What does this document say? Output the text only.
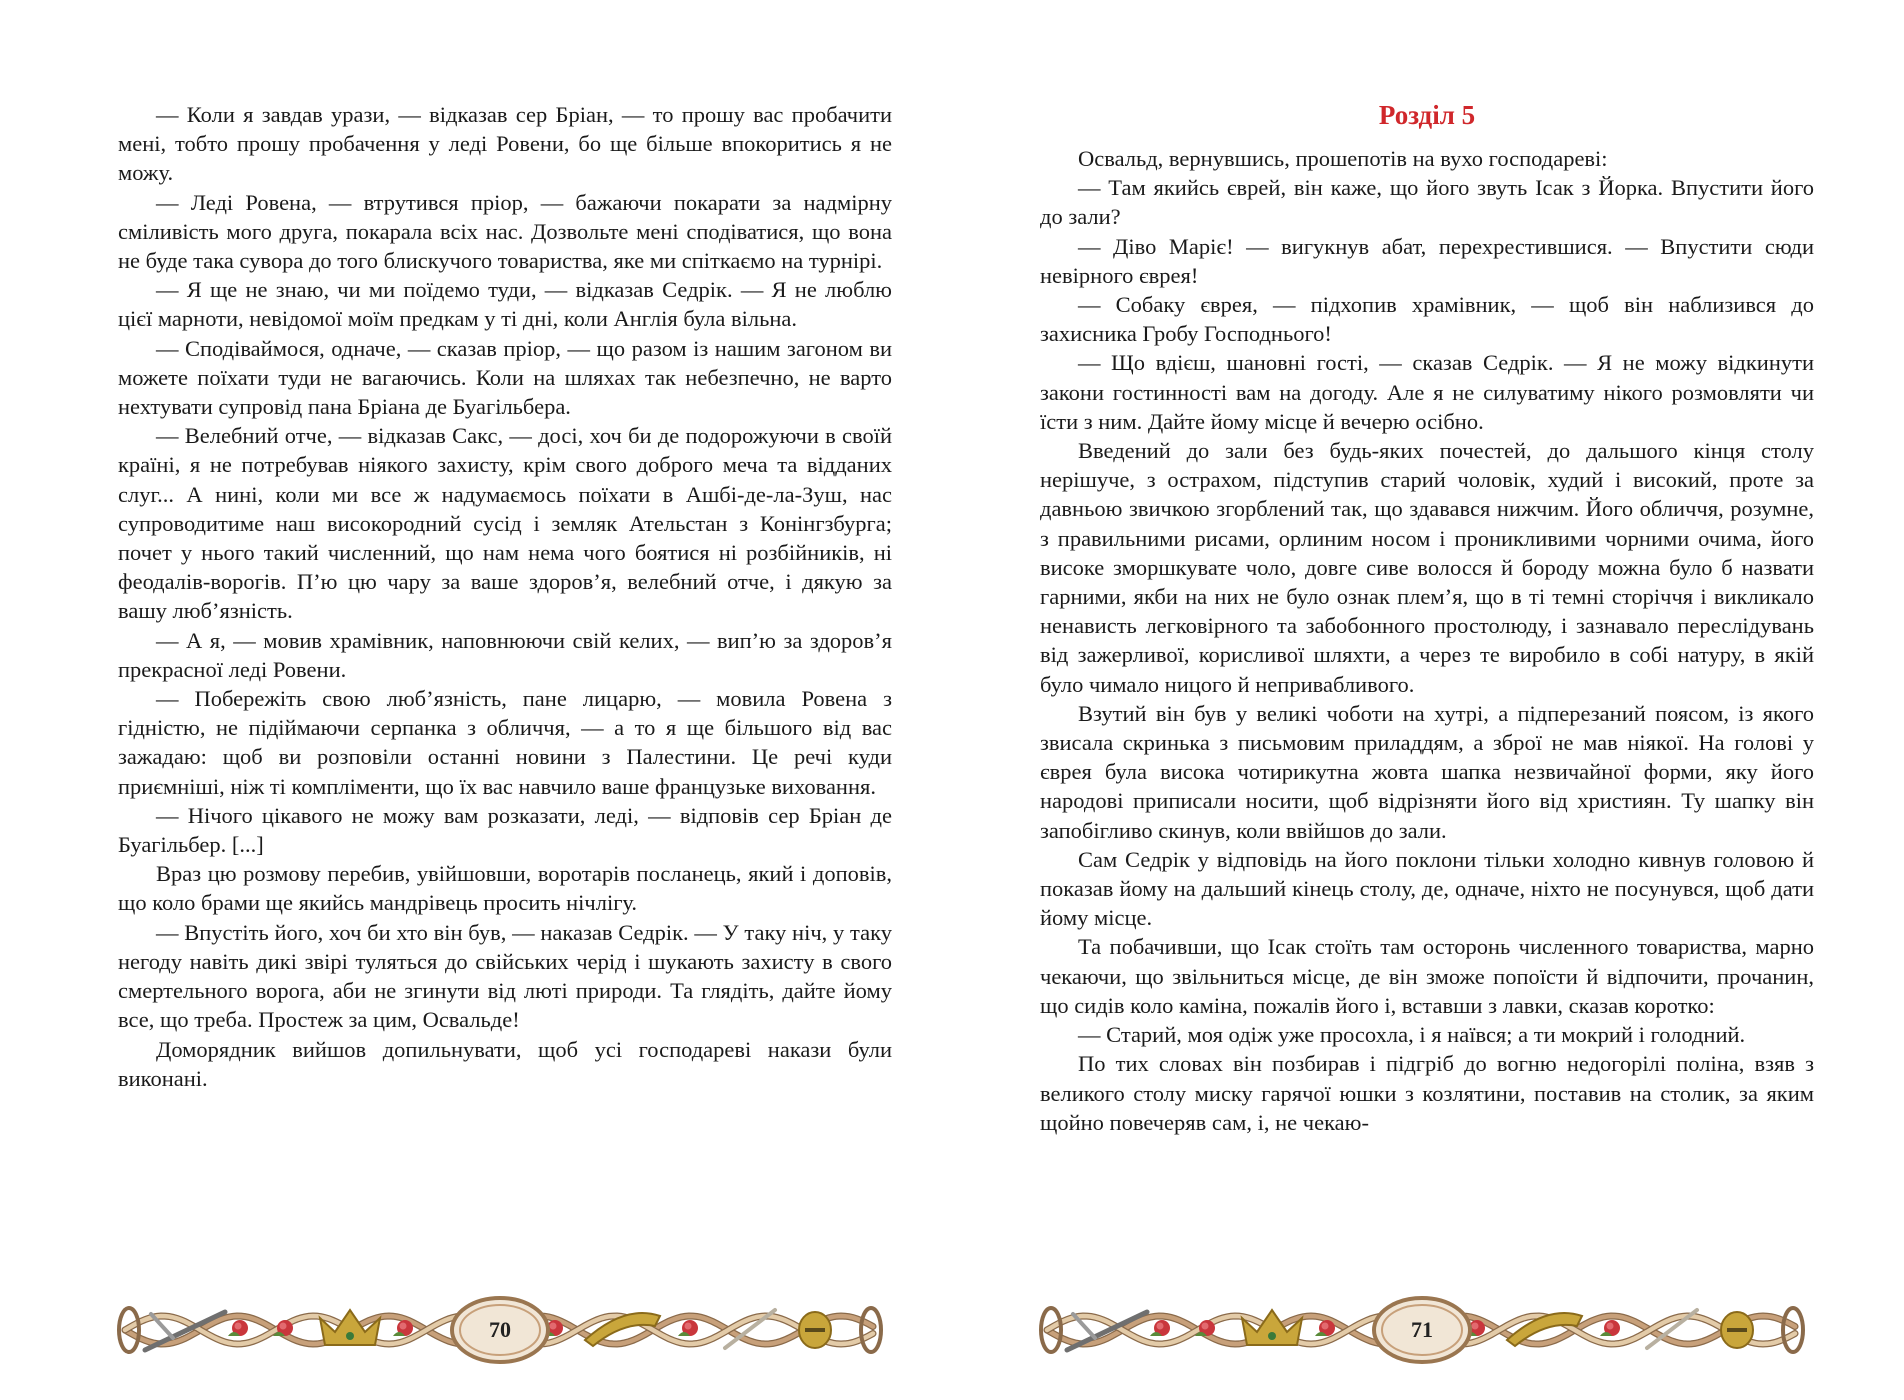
— Коли я завдав урази, — відказав сер Бріан, — то прошу вас пробачити мені, тобто прошу пробачення у леді Ровени, бо ще більше впокоритись я не можу.

— Леді Ровена, — втрутився пріор, — бажаючи покарати за надмірну сміливість мого друга, покарала всіх нас. Дозвольте мені сподіватися, що вона не буде така сувора до того блискучого товариства, яке ми спіткаємо на турнірі.

— Я ще не знаю, чи ми поїдемо туди, — відказав Седрік. — Я не люблю цієї марноти, невідомої моїм предкам у ті дні, коли Англія була вільна.

— Сподіваймося, одначе, — сказав пріор, — що разом із нашим загоном ви можете поїхати туди не вагаючись. Коли на шляхах так небезпечно, не варто нехтувати супровід пана Бріана де Буагільбера.

— Велебний отче, — відказав Сакс, — досі, хоч би де подорожуючи в своїй країні, я не потребував ніякого захисту, крім свого доброго меча та відданих слуг... А нині, коли ми все ж надумаємось поїхати в Ашбі-де-ла-Зуш, нас супроводитиме наш високородний сусід і земляк Ательстан з Конінгзбурга; почет у нього такий численний, що нам нема чого боятися ні розбійників, ні феодалів-ворогів. П’ю цю чару за ваше здоров’я, велебний отче, і дякую за вашу люб’язність.

— А я, — мовив храмівник, наповнюючи свій келих, — вип’ю за здоров’я прекрасної леді Ровени.

— Побережіть свою люб’язність, пане лицарю, — мовила Ровена з гідністю, не підіймаючи серпанка з обличчя, — а то я ще більшого від вас зажадаю: щоб ви розповіли останні новини з Палестини. Це речі куди приємніші, ніж ті компліменти, що їх вас навчило ваше французьке виховання.

— Нічого цікавого не можу вам розказати, леді, — відповів сер Бріан де Буагільбер. [...]

Враз цю розмову перебив, увійшовши, воротарів посланець, який і доповів, що коло брами ще якийсь мандрівець просить нічлігу.

— Впустіть його, хоч би хто він був, — наказав Седрік. — У таку ніч, у таку негоду навіть дикі звірі туляться до свійських черід і шукають захисту в свого смертельного ворога, аби не згинути від люті природи. Та глядіть, дайте йому все, що треба. Простеж за цим, Освальде!

Доморядник вийшов допильнувати, щоб усі господареві накази були виконані.

70
Розділ 5

Освальд, вернувшись, прошепотів на вухо господареві:

— Там якийсь єврей, він каже, що його звуть Ісак з Йорка. Впустити його до зали?

— Діво Маріє! — вигукнув абат, перехрестившися. — Впустити сюди невірного єврея!

— Собаку єврея, — підхопив храмівник, — щоб він наблизився до захисника Гробу Господнього!

— Що вдієш, шановні гості, — сказав Седрік. — Я не можу відкинути закони гостинності вам на догоду. Але я не силуватиму нікого розмовляти чи їсти з ним. Дайте йому місце й вечерю осібно.

Введений до зали без будь-яких почестей, до дальшого кінця столу нерішуче, з острахом, підступив старий чоловік, худий і високий, проте за давньою звичкою згорблений так, що здавався нижчим. Його обличчя, розумне, з правильними рисами, орлиним носом і проникливими чорними очима, його високе зморшкувате чоло, довге сиве волосся й бороду можна було б назвати гарними, якби на них не було ознак плем’я, що в ті темні сторіччя і викликало ненависть легковірного та забобонного простолюду, і зазнавало переслідувань від зажерливої, корисливої шляхти, а через те виробило в собі натуру, в якій було чимало ницого й непривабливого.

Взутий він був у великі чоботи на хутрі, а підперезаний поясом, із якого звисала скринька з письмовим приладдям, а зброї не мав ніякої. На голові у єврея була висока чотирикутна жовта шапка незвичайної форми, яку його народові приписали носити, щоб відрізняти його від християн. Ту шапку він запобігливо скинув, коли ввійшов до зали.

Сам Седрік у відповідь на його поклони тільки холодно кивнув головою й показав йому на дальший кінець столу, де, одначе, ніхто не посунувся, щоб дати йому місце.

Та побачивши, що Ісак стоїть там осторонь численного товариства, марно чекаючи, що звільниться місце, де він зможе попоїсти й відпочити, прочанин, що сидів коло каміна, пожалів його і, вставши з лавки, сказав коротко:

— Старий, моя одіж уже просохла, і я наївся; а ти мокрий і голодний.

По тих словах він позбирав і підгріб до вогню недогорілі поліна, взяв з великого столу миску гарячої юшки з козлятини, поставив на столик, за яким щойно повечеряв сам, і, не чекаю-

71
